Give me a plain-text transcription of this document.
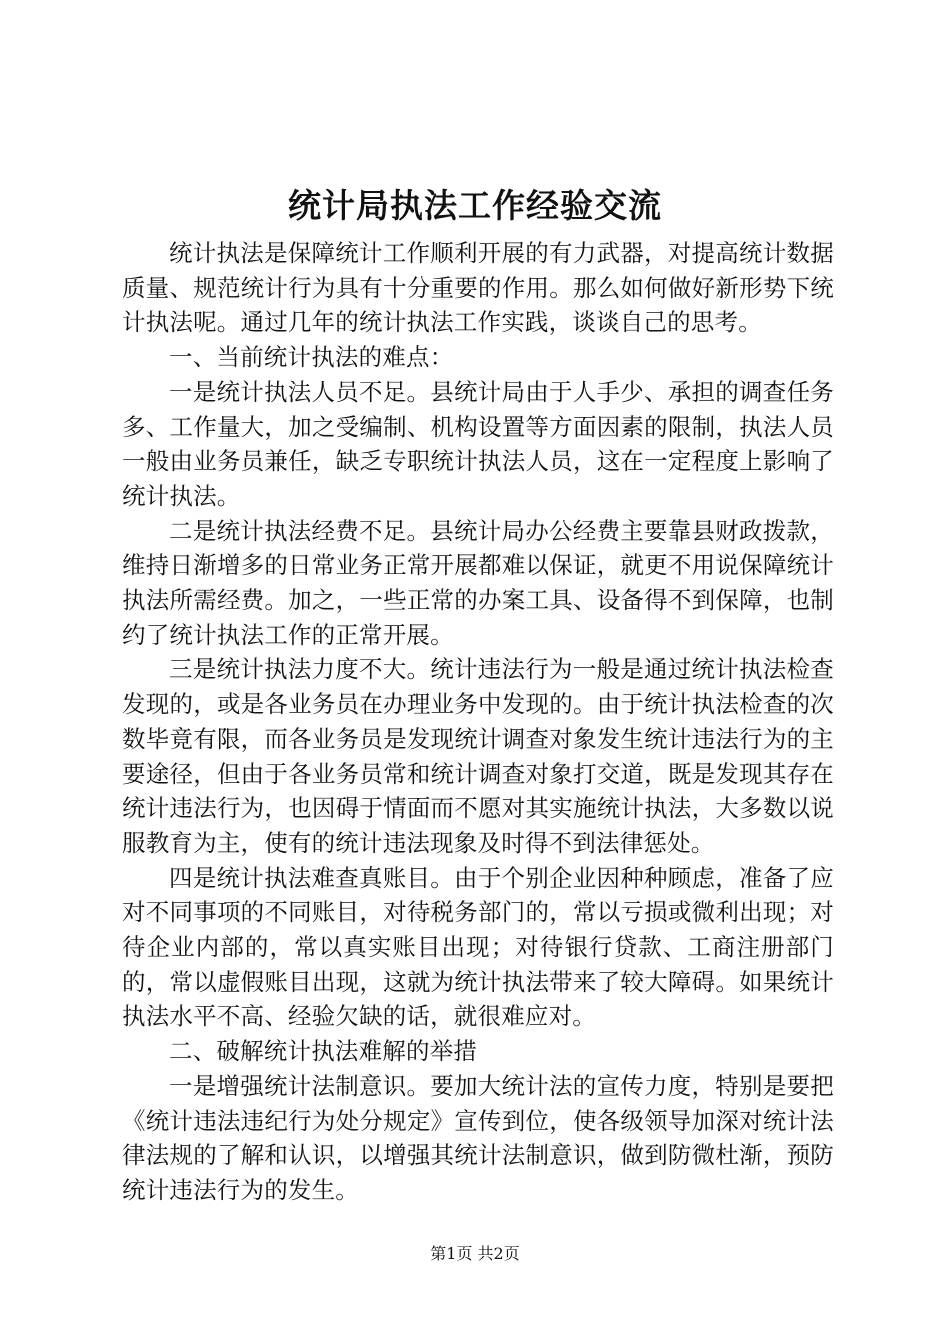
统计局执法工作经验交流

统计执法是保障统计工作顺利开展的有力武器，对提高统计数据质量、规范统计行为具有十分重要的作用。那么如何做好新形势下统计执法呢。通过几年的统计执法工作实践，谈谈自己的思考。

一、当前统计执法的难点：

一是统计执法人员不足。县统计局由于人手少、承担的调查任务多、工作量大，加之受编制、机构设置等方面因素的限制，执法人员一般由业务员兼任，缺乏专职统计执法人员，这在一定程度上影响了统计执法。

二是统计执法经费不足。县统计局办公经费主要靠县财政拨款，维持日渐增多的日常业务正常开展都难以保证，就更不用说保障统计执法所需经费。加之，一些正常的办案工具、设备得不到保障，也制约了统计执法工作的正常开展。

三是统计执法力度不大。统计违法行为一般是通过统计执法检查发现的，或是各业务员在办理业务中发现的。由于统计执法检查的次数毕竟有限，而各业务员是发现统计调查对象发生统计违法行为的主要途径，但由于各业务员常和统计调查对象打交道，既是发现其存在统计违法行为，也因碍于情面而不愿对其实施统计执法，大多数以说服教育为主，使有的统计违法现象及时得不到法律惩处。

四是统计执法难查真账目。由于个别企业因种种顾虑，准备了应对不同事项的不同账目，对待税务部门的，常以亏损或微利出现；对待企业内部的，常以真实账目出现；对待银行贷款、工商注册部门的，常以虚假账目出现，这就为统计执法带来了较大障碍。如果统计执法水平不高、经验欠缺的话，就很难应对。

二、破解统计执法难解的举措

一是增强统计法制意识。要加大统计法的宣传力度，特别是要把《统计违法违纪行为处分规定》宣传到位，使各级领导加深对统计法律法规的了解和认识，以增强其统计法制意识，做到防微杜渐，预防统计违法行为的发生。

第1页 共2页
